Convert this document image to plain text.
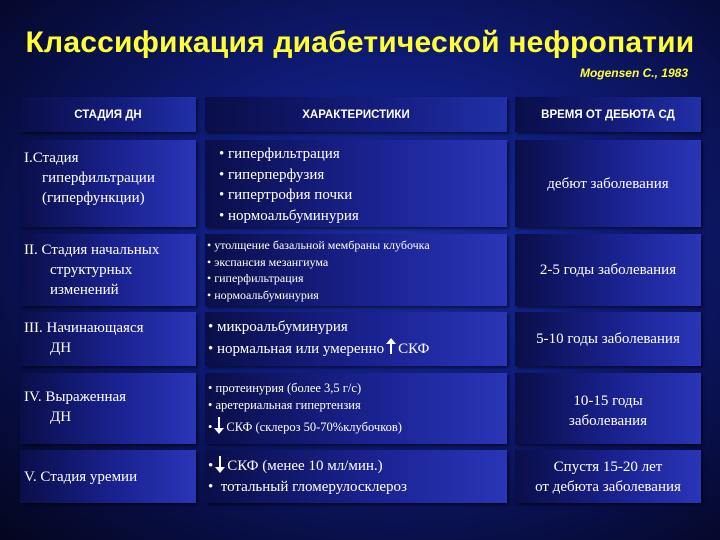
Классификация диабетической нефропатии
Mogensen C., 1983
СТАДИЯ ДН	ХАРАКТЕРИСТИКИ	ВРЕМЯ ОТ ДЕБЮТА СД
I.Стадия
гиперфильтрации
(гиперфункции)
• гиперфильтрация
• гиперперфузия
• гипертрофия почки
• нормоальбуминурия
дебют заболевания
II. Стадия начальных
структурных
изменений
• утолщение базальной мембраны клубочка
• экспансия мезангиума
• гиперфильтрация
• нормоальбуминурия
2-5 годы заболевания
III. Начинающаяся
ДН
• микроальбуминурия
• нормальная или умеренно СКФ
5-10 годы заболевания
IV. Выраженная
ДН
• протеинурия (более 3,5 г/с)
• аретериальная гипертензия
• СКФ (склероз 50-70%клубочков)
10-15 годы
заболевания
V. Стадия уремии
• СКФ (менее 10 мл/мин.)
•  тотальный гломерулосклероз
Спустя 15-20 лет
от дебюта заболевания
